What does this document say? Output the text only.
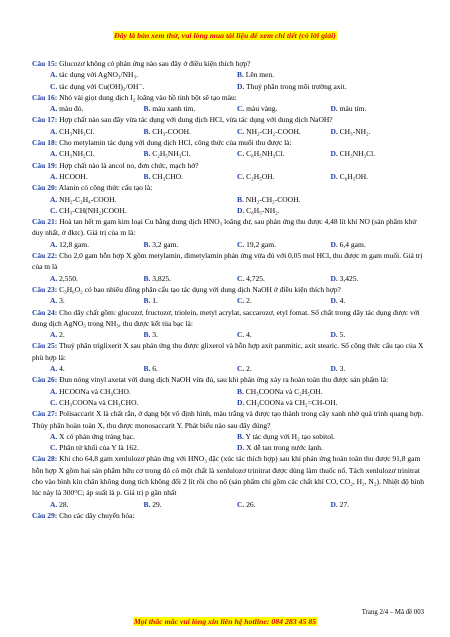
Đây là bản xem thử, vui lòng mua tài liệu để xem chi tiết (có lời giải)
Câu 15: Glucozơ không có phản ứng nào sau đây ở điều kiện thích hợp?
A. tác dụng với AgNO₃/NH₃.	B. Lên men.
C. tác dụng với Cu(OH)₂/OH⁻.	D. Thuỷ phân trong môi trường axit.
Câu 16: Nhỏ vài giọt dung dịch I₂ loãng vào hồ tinh bột sẽ tạo màu:
A. màu đỏ.	B. màu xanh tím.	C. màu vàng.	D. màu tím.
Câu 17: Hợp chất nào sau đây vừa tác dụng với dung dịch HCl, vừa tác dụng với dung dịch NaOH?
A. CH₃NH₃Cl.	B. CH₃-COOH.	C. NH₂-CH₂-COOH.	D. CH₃-NH₂.
Câu 18: Cho metylamin tác dụng với dung dịch HCl, công thức của muối thu được là:
A. CH₃NH₂Cl.	B. C₂H₅NH₃Cl.	C. C₆H₅NH₃Cl.	D. CH₃NH₃Cl.
Câu 19: Hợp chất nào là ancol no, đơn chức, mạch hở?
A. HCOOH.	B. CH₃CHO.	C. C₂H₅OH.	D. C₆H₅OH.
Câu 20: Alanin có công thức cấu tạo là:
A. NH₂-C₂H₄-COOH.	B. NH₂-CH₂-COOH.
C. CH₃-CH(NH₂)COOH.	D. C₆H₅-NH₂.
Câu 21: Hoà tan hết m gam kim loại Cu bằng dung dịch HNO₃ loãng dư, sau phản ứng thu được 4,48 lít khí NO (sản phẩm khử duy nhất, ở đktc). Giá trị của m là:
A. 12,8 gam.	B. 3,2 gam.	C. 19,2 gam.	D. 6,4 gam.
Câu 22: Cho 2,0 gam hỗn hợp X gồm metylamin, đimetylamin phản ứng vừa đủ với 0,05 mol HCl, thu được m gam muối. Giá trị của m là
A. 2,550.	B. 3,825.	C. 4,725.	D. 3,425.
Câu 23: C₃H₆O₂ có bao nhiêu đồng phân cấu tạo tác dụng với dung dịch NaOH ở điều kiện thích hợp?
A. 3.	B. 1.	C. 2.	D. 4.
Câu 24: Cho dãy chất gồm: glucozơ, fructozơ, triolein, metyl acrylat, saccarozơ, etyl fomat. Số chất trong dãy tác dụng được với dung dịch AgNO₃ trong NH₃, thu được kết tủa bạc là:
A. 2.	B. 3.	C. 4.	D. 5.
Câu 25: Thuỷ phân triglixerit X sau phản ứng thu được glixerol và hỗn hợp axit panmitic, axit stearic. Số công thức cấu tạo của X phù hợp là:
A. 4.	B. 6.	C. 2.	D. 3.
Câu 26: Đun nóng vinyl axetat với dung dịch NaOH vừa đủ, sau khi phản ứng xảy ra hoàn toàn thu được sản phẩm là:
A. HCOONa và CH₃CHO.	B. CH₃COONa và C₂H₅OH.
C. CH₃COONa và CH₃CHO.	D. CH₃COONa và CH₂=CH-OH.
Câu 27: Polisaccarit X là chất rắn, ở dạng bột vô định hình, màu trắng và được tạo thành trong cây xanh nhờ quá trình quang hợp. Thủy phân hoàn toàn X, thu được monosaccarit Y. Phát biểu nào sau đây đúng?
A. X có phản ứng tráng bạc.	B. Y tác dụng với H₂ tạo sobitol.
C. Phân tử khối của Y là 162.	D. X dễ tan trong nước lạnh.
Câu 28: Khi cho 64,8 gam xenlulozơ phản ứng với HNO₃ đặc (xúc tác thích hợp) sau khi phản ứng hoàn toàn thu được 91,8 gam hỗn hợp X gồm hai sản phẩm hữu cơ trong đó có một chất là xenlulozơ trinitrat được dùng làm thuốc nổ. Tách xenlulozơ trinitrat cho vào bình kín chân không dung tích không đổi 2 lít rồi cho nổ (sản phẩm chỉ gồm các chất khí CO, CO₂, H₂, N₂). Nhiệt độ bình lúc này là 300°C; áp suất là p. Giá trị p gần nhất
A. 28.	B. 29.	C. 26.	D. 27.
Câu 29: Cho các dãy chuyển hóa:
Trang 2/4 – Mã đề 003
Mọi thắc mắc vui lòng xin liên hệ hotline: 084 283 45 85
